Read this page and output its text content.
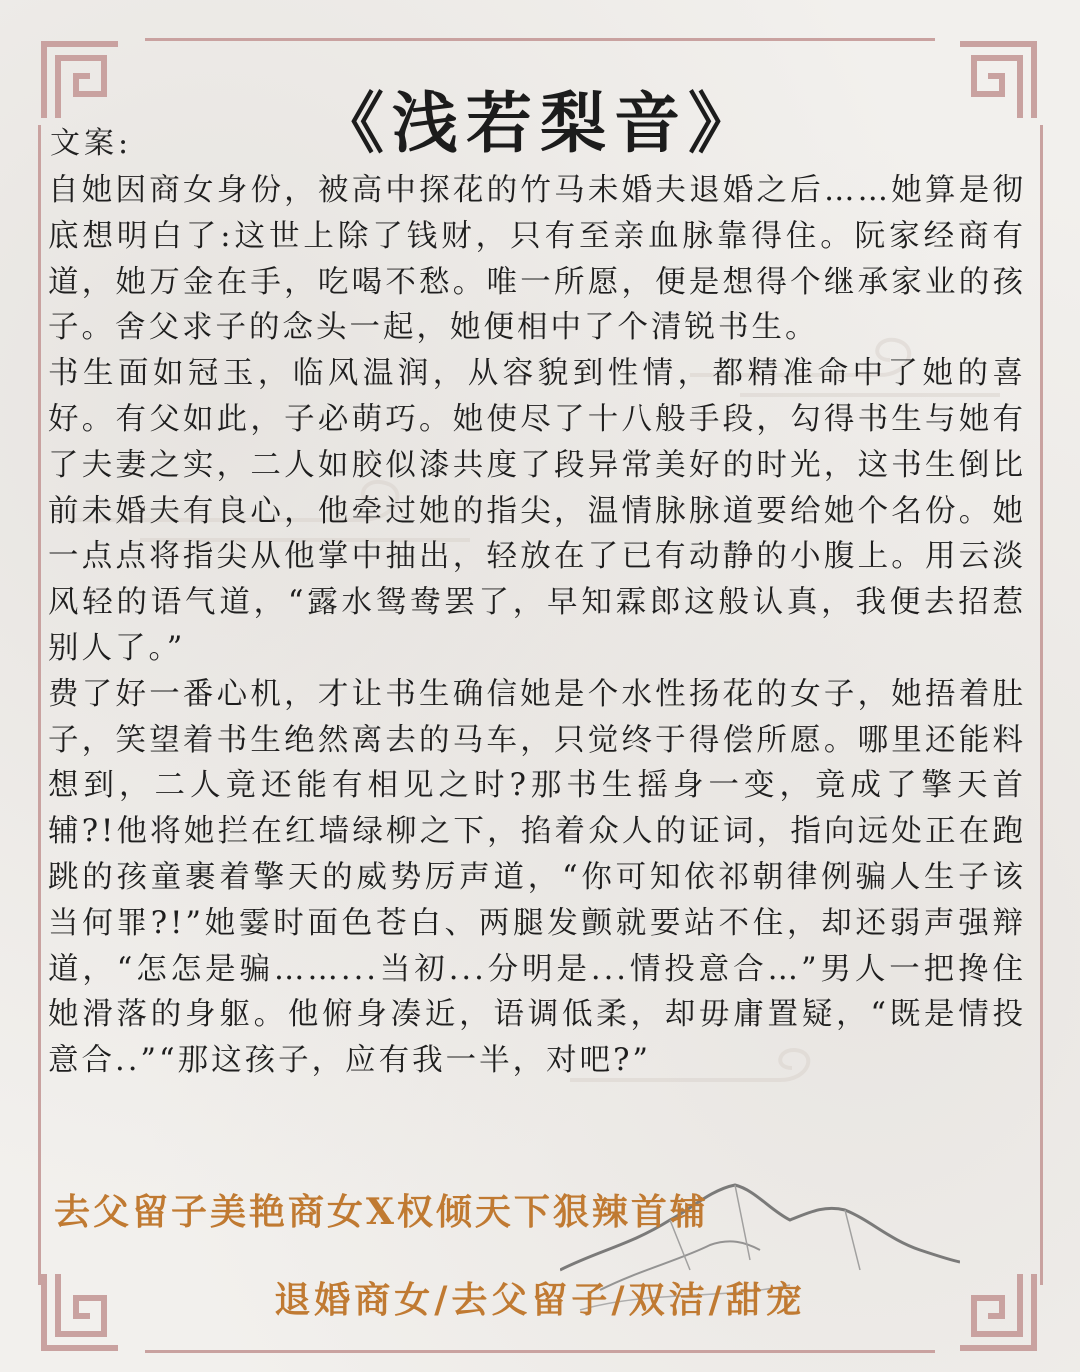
《浅若梨音》
文案:

自她因商女身份，被高中探花的竹马未婚夫退婚之后……她算是彻底想明白了:这世上除了钱财，只有至亲血脉靠得住。阮家经商有道，她万金在手，吃喝不愁。唯一所愿，便是想得个继承家业的孩子。舍父求子的念头一起，她便相中了个清锐书生。

书生面如冠玉，临风温润，从容貌到性情，都精准命中了她的喜好。有父如此，子必萌巧。她使尽了十八般手段，勾得书生与她有了夫妻之实，二人如胶似漆共度了段异常美好的时光，这书生倒比前未婚夫有良心，他牵过她的指尖，温情脉脉道要给她个名份。她一点点将指尖从他掌中抽出，轻放在了已有动静的小腹上。用云淡风轻的语气道，“露水鸳鸯罢了，早知霖郎这般认真，我便去招惹别人了。”

费了好一番心机，才让书生确信她是个水性扬花的女子，她捂着肚子，笑望着书生绝然离去的马车，只觉终于得偿所愿。哪里还能料想到，二人竟还能有相见之时?那书生摇身一变，竟成了擎天首辅?!他将她拦在红墙绿柳之下，掐着众人的证词，指向远处正在跑跳的孩童裹着擎天的威势厉声道，“你可知依祁朝律例骗人生子该当何罪?!”她霎时面色苍白、两腿发颤就要站不住，却还弱声强辩道，“怎怎是骗……...当初...分明是...情投意合…”男人一把搀住她滑落的身躯。他俯身凑近，语调低柔，却毋庸置疑，“既是情投意合..”“那这孩子，应有我一半，对吧?”

去父留子美艳商女X权倾天下狠辣首辅
退婚商女/去父留子/双洁/甜宠
